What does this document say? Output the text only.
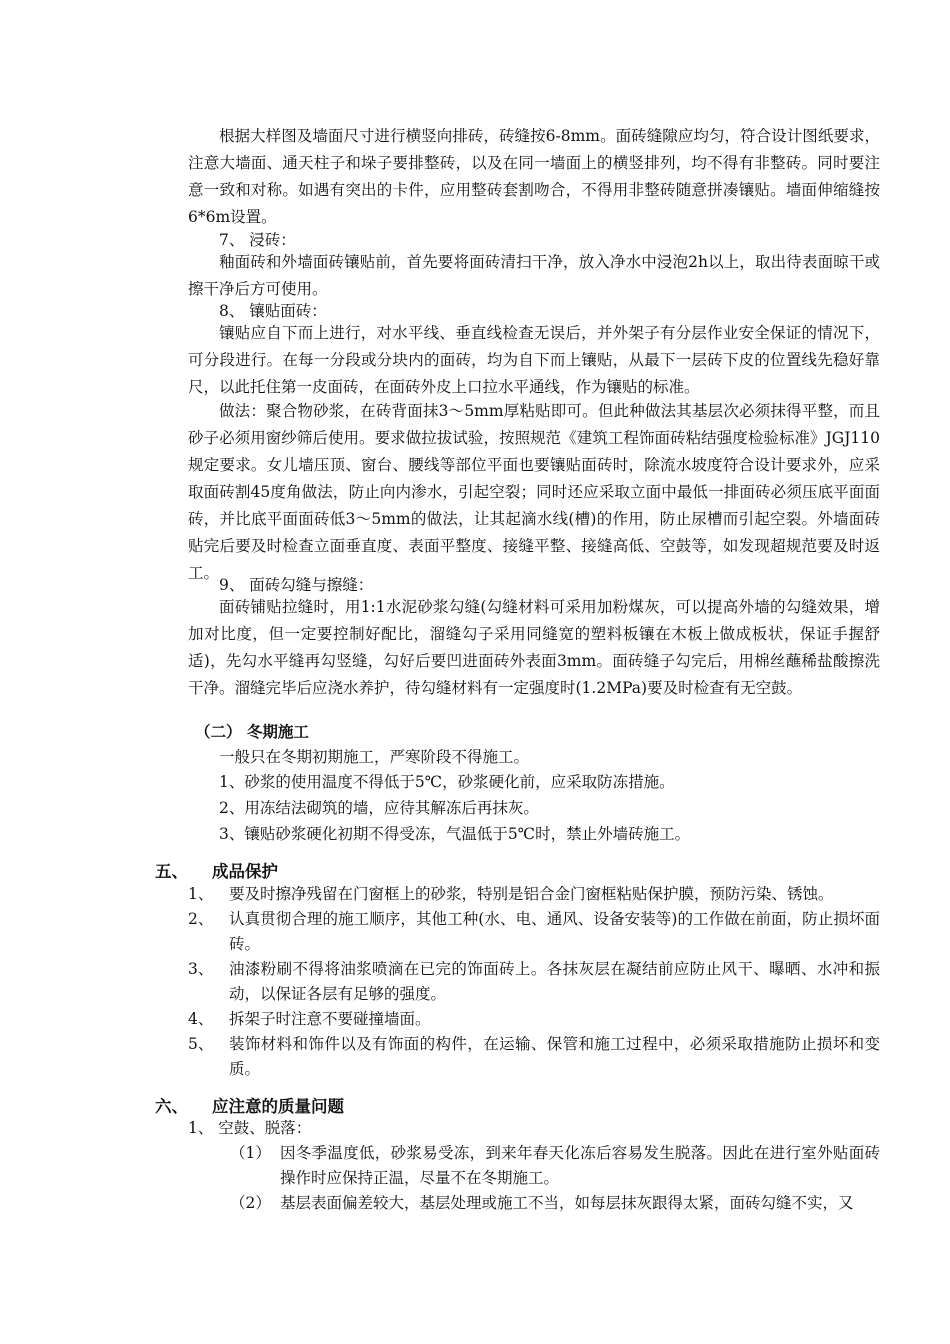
根据大样图及墙面尺寸进行横竖向排砖，砖缝按6-8mm。面砖缝隙应均匀，符合设计图纸要求，注意大墙面、通天柱子和垛子要排整砖，以及在同一墙面上的横竖排列，均不得有非整砖。同时要注意一致和对称。如遇有突出的卡件，应用整砖套割吻合，不得用非整砖随意拼凑镶贴。墙面伸缩缝按6*6m设置。

7、 浸砖：

釉面砖和外墙面砖镶贴前，首先要将面砖清扫干净，放入净水中浸泡2h以上，取出待表面晾干或擦干净后方可使用。

8、 镶贴面砖：

镶贴应自下而上进行，对水平线、垂直线检查无误后，并外架子有分层作业安全保证的情况下，可分段进行。在每一分段或分块内的面砖，均为自下而上镶贴，从最下一层砖下皮的位置线先稳好靠尺，以此托住第一皮面砖，在面砖外皮上口拉水平通线，作为镶贴的标准。

做法：聚合物砂浆，在砖背面抹3～5mm厚粘贴即可。但此种做法其基层次必须抹得平整，而且砂子必须用窗纱筛后使用。要求做拉拔试验，按照规范《建筑工程饰面砖粘结强度检验标准》JGJ110规定要求。女儿墙压顶、窗台、腰线等部位平面也要镶贴面砖时，除流水坡度符合设计要求外，应采取面砖割45度角做法，防止向内渗水，引起空裂；同时还应采取立面中最低一排面砖必须压底平面面砖，并比底平面面砖低3～5mm的做法，让其起滴水线(槽)的作用，防止尿槽而引起空裂。外墙面砖贴完后要及时检查立面垂直度、表面平整度、接缝平整、接缝高低、空鼓等，如发现超规范要及时返工。

9、 面砖勾缝与擦缝：

面砖铺贴拉缝时，用1:1水泥砂浆勾缝(勾缝材料可采用加粉煤灰，可以提高外墙的勾缝效果，增加对比度，但一定要控制好配比，溜缝勾子采用同缝宽的塑料板镶在木板上做成板状，保证手握舒适)，先勾水平缝再勾竖缝，勾好后要凹进面砖外表面3mm。面砖缝子勾完后，用棉丝蘸稀盐酸擦洗干净。溜缝完毕后应浇水养护，待勾缝材料有一定强度时(1.2MPa)要及时检查有无空鼓。

（二） 冬期施工

一般只在冬期初期施工，严寒阶段不得施工。

1、砂浆的使用温度不得低于5℃，砂浆硬化前，应采取防冻措施。

2、用冻结法砌筑的墙，应待其解冻后再抹灰。

3、镶贴砂浆硬化初期不得受冻，气温低于5℃时，禁止外墙砖施工。

五、 成品保护

1、	要及时擦净残留在门窗框上的砂浆，特别是铝合金门窗框粘贴保护膜，预防污染、锈蚀。
2、	认真贯彻合理的施工顺序，其他工种(水、电、通风、设备安装等)的工作做在前面，防止损坏面砖。
3、	油漆粉刷不得将油浆喷滴在已完的饰面砖上。各抹灰层在凝结前应防止风干、曝晒、水冲和振动，以保证各层有足够的强度。
4、	拆架子时注意不要碰撞墙面。
5、	装饰材料和饰件以及有饰面的构件，在运输、保管和施工过程中，必须采取措施防止损坏和变质。

六、 应注意的质量问题

1、 空鼓、脱落：

（1） 因冬季温度低，砂浆易受冻，到来年春天化冻后容易发生脱落。因此在进行室外贴面砖操作时应保持正温，尽量不在冬期施工。
（2） 基层表面偏差较大，基层处理或施工不当，如每层抹灰跟得太紧，面砖勾缝不实，又
